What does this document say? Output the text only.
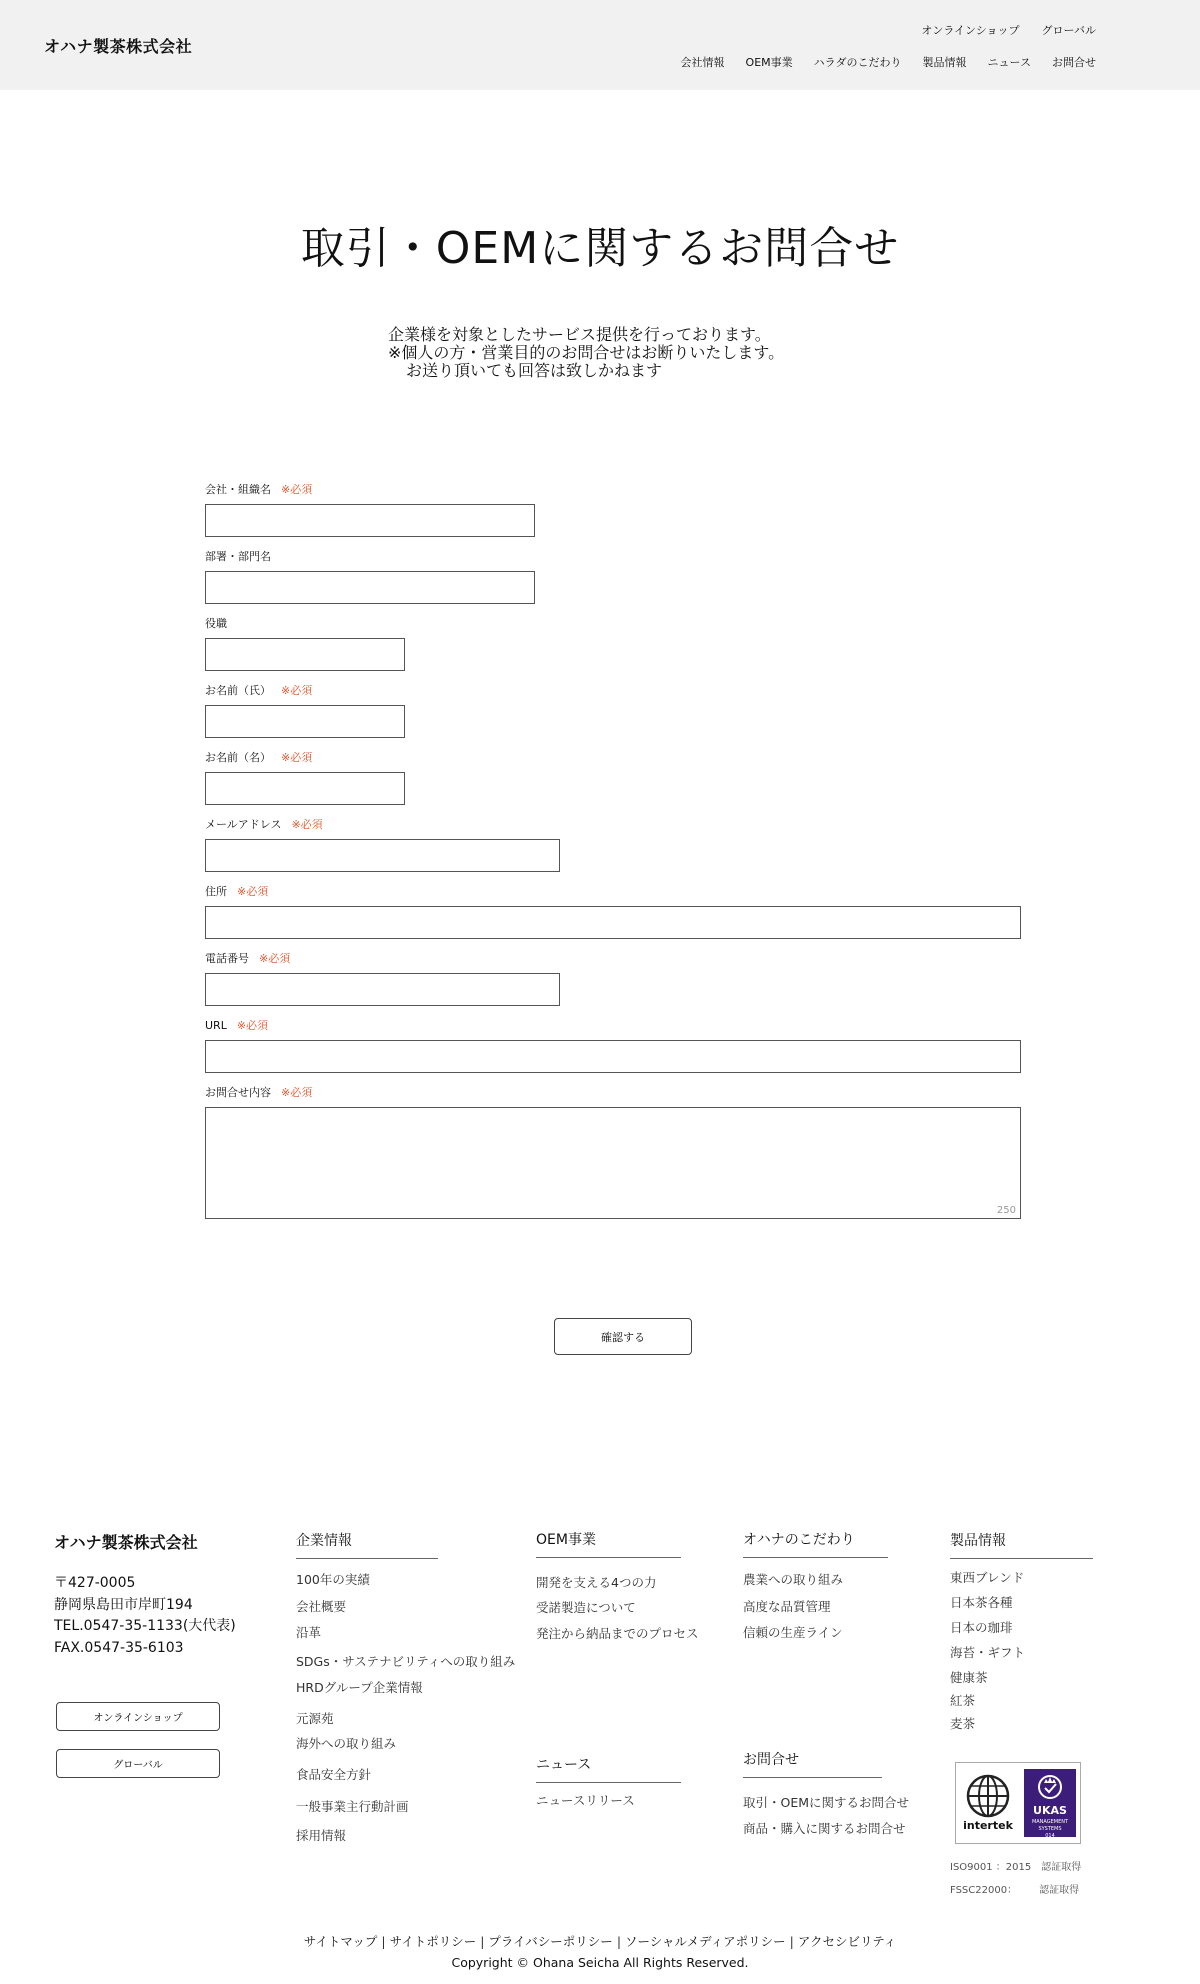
オハナ製茶株式会社
オンラインショップ グローバル
会社情報 OEM事業 ハラダのこだわり 製品情報 ニュース お問合せ
取引・OEMに関するお問合せ
企業様を対象としたサービス提供を行っております。
※個人の方・営業目的のお問合せはお断りいたします。
お送り頂いても回答は致しかねます
会社・組織名 ※必須
部署・部門名
役職
お名前（氏） ※必須
お名前（名） ※必須
メールアドレス ※必須
住所 ※必須
電話番号 ※必須
URL ※必須
お問合せ内容 ※必須
250
確認する
オハナ製茶株式会社
〒427-0005
静岡県島田市岸町194
TEL.0547-35-1133(大代表)
FAX.0547-35-6103
オンラインショップ
グローバル
企業情報
100年の実績
会社概要
沿革
SDGs・サステナビリティへの取り組み
HRDグループ企業情報
元源苑
海外への取り組み
食品安全方針
一般事業主行動計画
採用情報
OEM事業
開発を支える4つの力
受諾製造について
発注から納品までのプロセス
ニュース
ニュースリリース
オハナのこだわり
農業への取り組み
高度な品質管理
信頼の生産ライン
お問合せ
取引・OEMに関するお問合せ
商品・購入に関するお問合せ
製品情報
東西ブレンド
日本茶各種
日本の珈琲
海苔・ギフト
健康茶
紅茶
麦茶
intertek
UKAS
MANAGEMENT SYSTEMS
014
ISO9001 ：2015 認証取得
FSSC22000： 認証取得
サイトマップ | サイトポリシー | プライバシーポリシー | ソーシャルメディアポリシー | アクセシビリティ
Copyright © Ohana Seicha All Rights Reserved.
